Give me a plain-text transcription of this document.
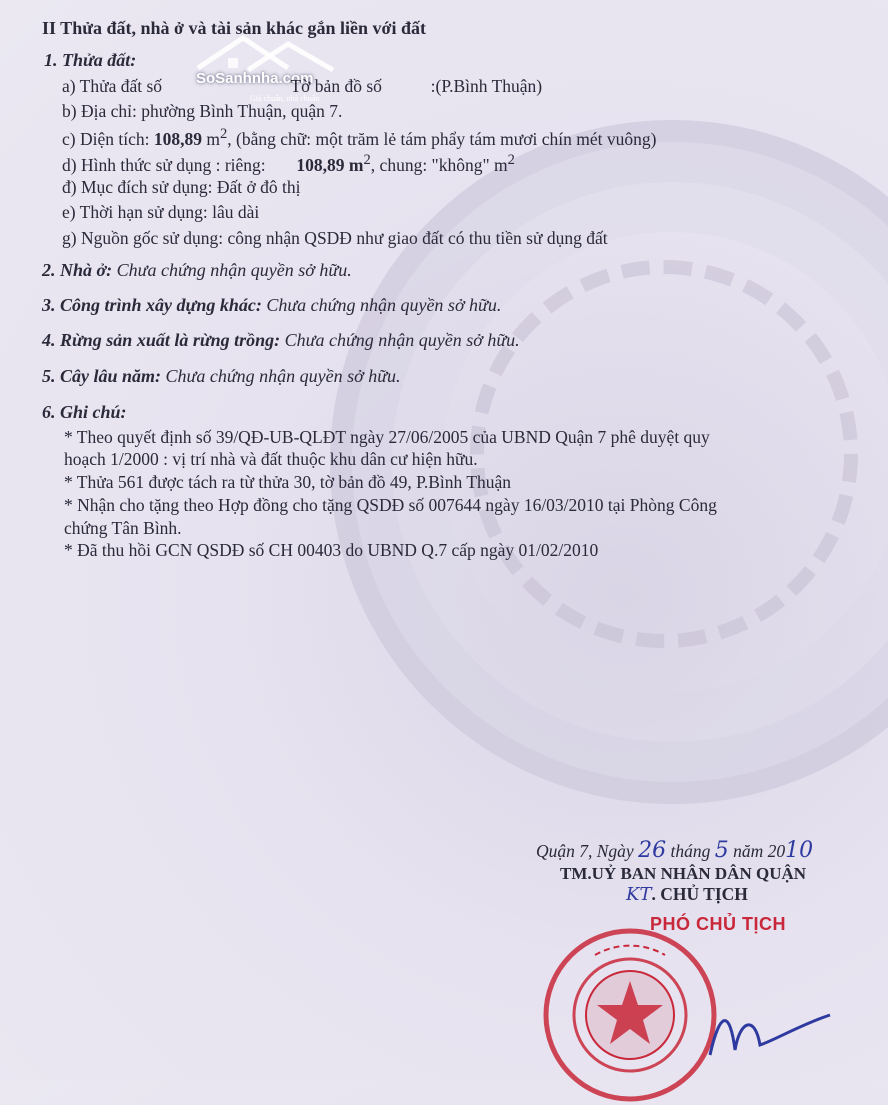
II Thửa đất, nhà ở và tài sản khác gắn liền với đất
SoSanhnha.com
Giá chuẩn, nhà chuẩn
1. Thửa đất:
a) Thửa đất số	Tờ bản đồ số	:(P.Bình Thuận)
b) Địa chỉ: phường Bình Thuận, quận 7.
c) Diện tích: 108,89 $m^2$, (bằng chữ: một trăm lẻ tám phẩy tám mươi chín mét vuông)
d) Hình thức sử dụng : riêng: 108,89 $m^2$, chung: "không" $m^2$
đ) Mục đích sử dụng: Đất ở đô thị
e) Thời hạn sử dụng: lâu dài
g) Nguồn gốc sử dụng: công nhận QSDĐ như giao đất có thu tiền sử dụng đất
2. Nhà ở: Chưa chứng nhận quyền sở hữu.
3. Công trình xây dựng khác: Chưa chứng nhận quyền sở hữu.
4. Rừng sản xuất là rừng trồng: Chưa chứng nhận quyền sở hữu.
5. Cây lâu năm: Chưa chứng nhận quyền sở hữu.
6. Ghi chú:
* Theo quyết định số 39/QĐ-UB-QLĐT ngày 27/06/2005 của UBND Quận 7 phê duyệt quy
hoạch 1/2000 : vị trí nhà và đất thuộc khu dân cư hiện hữu.
* Thửa 561 được tách ra từ thửa 30, tờ bản đồ 49, P.Bình Thuận
* Nhận cho tặng theo Hợp đồng cho tặng QSDĐ số 007644 ngày 16/03/2010 tại Phòng Công
chứng Tân Bình.
* Đã thu hồi GCN QSDĐ số CH 00403 do UBND Q.7 cấp ngày 01/02/2010
Quận 7, Ngày 26 tháng 5 năm 2010
TM.UỶ BAN NHÂN DÂN QUẬN
KT. CHỦ TỊCH
PHÓ CHỦ TỊCH
